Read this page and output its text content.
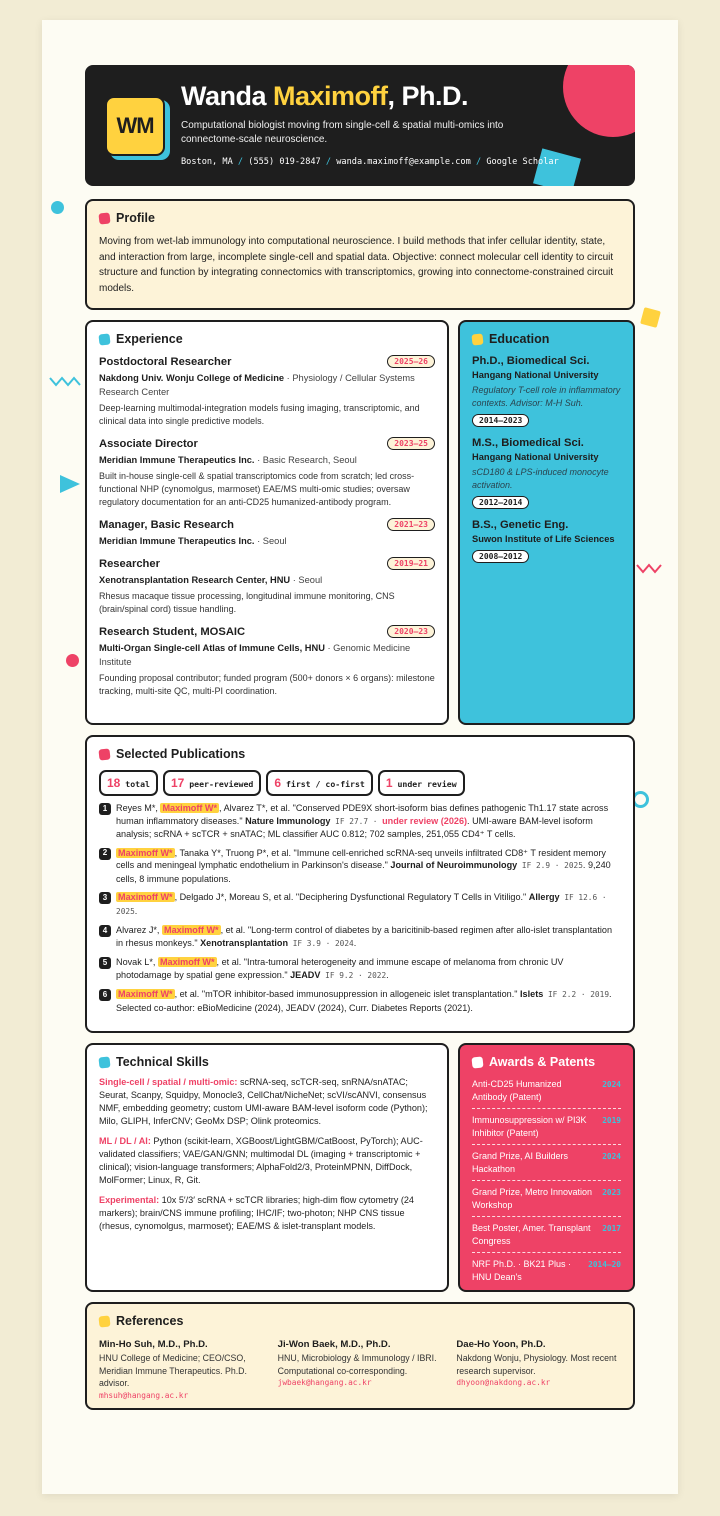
WM
Wanda Maximoff, Ph.D.
Computational biologist moving from single-cell & spatial multi-omics into connectome-scale neuroscience.
Boston, MA / (555) 019-2847 / wanda.maximoff@example.com / Google Scholar
Profile

Moving from wet-lab immunology into computational neuroscience. I build methods that infer cellular identity, state, and interaction from large, incomplete single-cell and spatial data. Objective: connect molecular cell identity to circuit structure and function by integrating connectomics with transcriptomics, growing into connectome-constrained circuit models.

Experience
Postdoctoral Researcher	2025–26
Nakdong Univ. Wonju College of Medicine · Physiology / Cellular Systems Research Center
Deep-learning multimodal-integration models fusing imaging, transcriptomic, and clinical data into single predictive models.
Associate Director	2023–25
Meridian Immune Therapeutics Inc. · Basic Research, Seoul
Built in-house single-cell & spatial transcriptomics code from scratch; led cross-functional NHP (cynomolgus, marmoset) EAE/MS multi-omic studies; oversaw regulatory documentation for an anti-CD25 humanized-antibody program.
Manager, Basic Research	2021–23
Meridian Immune Therapeutics Inc. · Seoul
Researcher	2019–21
Xenotransplantation Research Center, HNU · Seoul
Rhesus macaque tissue processing, longitudinal immune monitoring, CNS (brain/spinal cord) tissue handling.
Research Student, MOSAIC	2020–23
Multi-Organ Single-cell Atlas of Immune Cells, HNU · Genomic Medicine Institute
Founding proposal contributor; funded program (500+ donors × 6 organs): milestone tracking, multi-site QC, multi-PI coordination.
Education
Ph.D., Biomedical Sci.
Hangang National University
Regulatory T-cell role in inflammatory contexts. Advisor: M-H Suh.
2014–2023
M.S., Biomedical Sci.
Hangang National University
sCD180 & LPS-induced monocyte activation.
2012–2014
B.S., Genetic Eng.
Suwon Institute of Life Sciences
2008–2012
Selected Publications
18 total	17 peer-reviewed	6 first / co-first	1 under review
1 Reyes M*, Maximoff W* , Alvarez T*, et al. "Conserved PDE9X short-isoform bias defines pathogenic Th1.17 state across human inflammatory diseases." Nature Immunology IF 27.7 · under review (2026). UMI-aware BAM-level isoform analysis; scRNA + scTCR + snATAC; ML classifier AUC 0.812; 702 samples, 251,055 CD4⁺ T cells.
2	Maximoff W* , Tanaka Y*, Truong P*, et al. "Immune cell-enriched scRNA-seq unveils infiltrated CD8⁺ T resident memory cells and meningeal lymphatic endothelium in Parkinson's disease." Journal of Neuroimmunology IF 2.9 · 2025. 9,240 cells, 8 immune populations.
3	Maximoff W* , Delgado J*, Moreau S, et al. "Deciphering Dysfunctional Regulatory T Cells in Vitiligo." Allergy IF 12.6 · 2025.
4 Alvarez J*, Maximoff W* , et al. "Long-term control of diabetes by a baricitinib-based regimen after allo-islet transplantation in rhesus monkeys." Xenotransplantation IF 3.9 · 2024.
5 Novak L*, Maximoff W* , et al. "Intra-tumoral heterogeneity and immune escape of melanoma from chronic UV photodamage by spatial gene expression." JEADV IF 9.2 · 2022.
6	Maximoff W* , et al. "mTOR inhibitor-based immunosuppression in allogeneic islet transplantation." Islets IF 2.2 · 2019. Selected co-author: eBioMedicine (2024), JEADV (2024), Curr. Diabetes Reports (2021).
Technical Skills
Single-cell / spatial / multi-omic: scRNA-seq, scTCR-seq, snRNA/snATAC; Seurat, Scanpy, Squidpy, Monocle3, CellChat/NicheNet; scVI/scANVI, consensus NMF, embedding geometry; custom UMI-aware BAM-level isoform code (Python); Milo, GLIPH, InferCNV; GeoMx DSP; Olink proteomics.
ML / DL / AI: Python (scikit-learn, XGBoost/LightGBM/CatBoost, PyTorch); AUC-validated classifiers; VAE/GAN/GNN; multimodal DL (imaging + transcriptomic + clinical); vision-language transformers; AlphaFold2/3, ProteinMPNN, DiffDock, MolFormer; Linux, R, Git.
Experimental: 10x 5′/3′ scRNA + scTCR libraries; high-dim flow cytometry (24 markers); brain/CNS immune profiling; IHC/IF; two-photon; NHP CNS tissue (rhesus, cynomolgus, marmoset); EAE/MS & islet-transplant models.
Awards & Patents
Anti-CD25 Humanized Antibody (Patent)
2024
Immunosuppression w/ PI3K Inhibitor (Patent)
2019
Grand Prize, AI Builders Hackathon
2024
Grand Prize, Metro Innovation Workshop
2023
Best Poster, Amer. Transplant Congress
2017
NRF Ph.D. · BK21 Plus · HNU Dean's
2014–20
References
Min-Ho Suh, M.D., Ph.D.
HNU College of Medicine; CEO/CSO, Meridian Immune Therapeutics. Ph.D. advisor.
mhsuh@hangang.ac.kr
Ji-Won Baek, M.D., Ph.D.
HNU, Microbiology & Immunology / IBRI. Computational co-corresponding.
jwbaek@hangang.ac.kr
Dae-Ho Yoon, Ph.D.
Nakdong Wonju, Physiology. Most recent research supervisor.
dhyoon@nakdong.ac.kr
